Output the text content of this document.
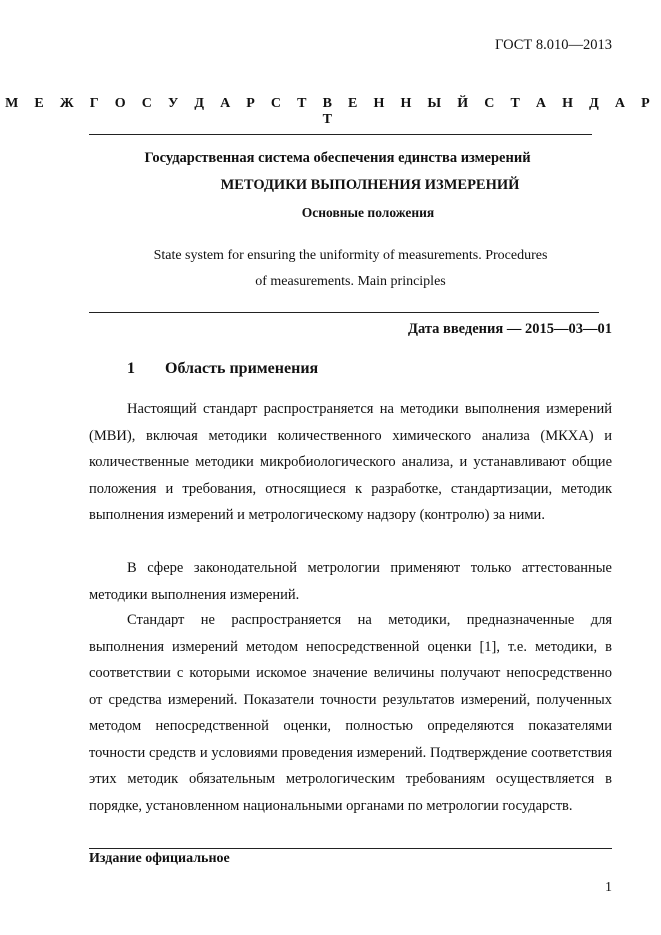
ГОСТ 8.010—2013
М Е Ж Г О С У Д А Р С Т В Е Н Н Ы Й С Т А Н Д А Р Т
Государственная система обеспечения единства измерений
МЕТОДИКИ ВЫПОЛНЕНИЯ ИЗМЕРЕНИЙ
Основные положения
State system for ensuring the uniformity of measurements. Procedures
of measurements. Main principles
Дата введения — 2015—03—01
1 Область применения

Настоящий стандарт распространяется на методики выполнения измерений (МВИ), включая методики количественного химического анализа (МКХА) и количественные методики микробиологического анализа, и устанавливают общие положения и требования, относящиеся к разработке, стандартизации, методик выполнения измерений и метрологическому надзору (контролю) за ними.

В сфере законодательной метрологии применяют только аттестованные методики выполнения измерений.

Стандарт не распространяется на методики, предназначенные для выполнения измерений методом непосредственной оценки [1], т.е. методики, в соответствии с которыми искомое значение величины получают непосредственно от средства измерений. Показатели точности результатов измерений, полученных методом непосредственной оценки, полностью определяются показателями точности средств и условиями проведения измерений. Подтверждение соответствия этих методик обязательным метрологическим требованиям осуществляется в порядке, установленном национальными органами по метрологии государств.

Издание официальное
1
